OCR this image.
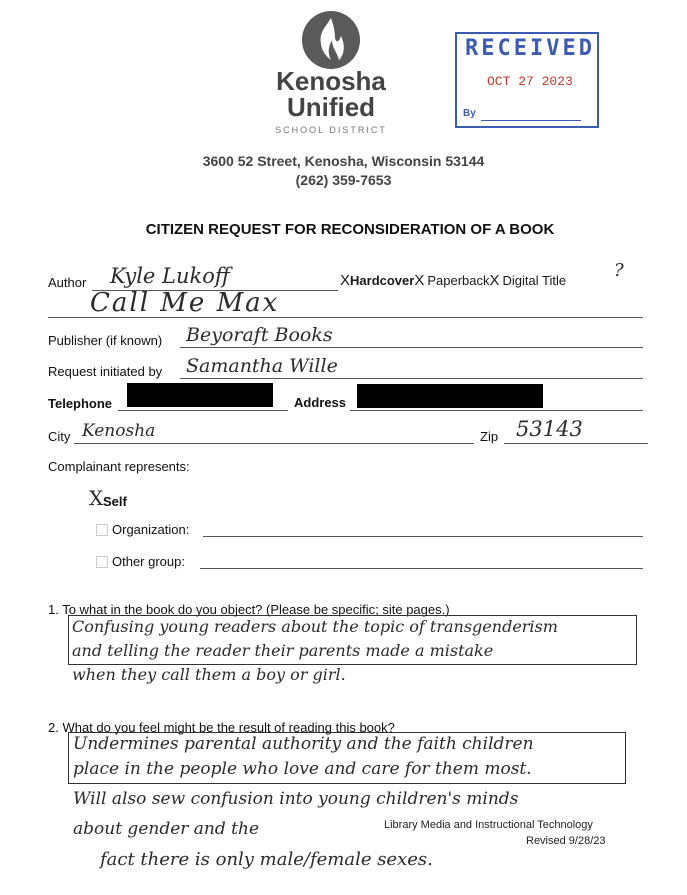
Kenosha
Unified
SCHOOL DISTRICT
RECEIVED
OCT 27 2023
By
3600 52 Street, Kenosha, Wisconsin 53144
(262) 359-7653
CITIZEN REQUEST FOR RECONSIDERATION OF A BOOK
Author Kyle Lukoff	XHardcoverX PaperbackX Digital Title	?
Call Me Max
Publisher (if known) Beyoraft Books
Request initiated by Samantha Wille
Telephone	Address
City Kenosha	Zip 53143
Complainant represents:
X Self
Organization:
Other group:
1. To what in the book do you object? (Please be specific; site pages.)
Confusing young readers about the topic of transgenderism
and telling the reader their parents made a mistake
when they call them a boy or girl.
2. What do you feel might be the result of reading this book?
Undermines parental authority and the faith children
place in the people who love and care for them most.
Will also sew confusion into young children's minds
about gender and the
fact there is only male/female sexes.
Library Media and Instructional Technology
Revised 9/28/23
